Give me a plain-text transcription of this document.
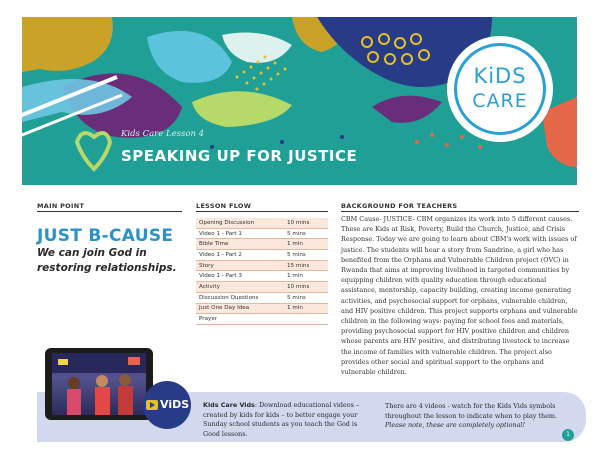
Kids Care Lesson 4
SPEAKING UP FOR JUSTICE
KiDS
CARE
MAIN POINT
JUST B-CAUSE
We can join God in restoring relationships.
LESSON FLOW
Opening Discussion	10 mins
Video 1 - Part 1	5 mins
Bible Time	1 min
Video 1 - Part 2	5 mins
Story	15 mins
Video 1 - Part 3	1 min
Activity	10 mins
Discussion Questions	5 mins
Just One Day Idea	1 min
Prayer	
BACKGROUND FOR TEACHERS
CBM Cause- JUSTICE- CBM organizes its work into 5 different causes. These are Kids at Risk, Poverty, Build the Church, Justice, and Crisis Response. Today we are going to learn about CBM's work with issues of justice. The students will hear a story from Sandrine, a girl who has benefited from the Orphans and Vulnerable Children project (OVC) in Rwanda that aims at improving livelihood in targeted communities by equipping children with quality education through educational assistance, mentorship, capacity building, creating income generating activities, and psychosocial support for orphans, vulnerable children, and HIV positive children. This project supports orphans and vulnerable children in the following ways: paying for school fees and materials, providing psychosocial support for HIV positive children and children whose parents are HIV positive, and distributing livestock to increase the income of families with vulnerable children. The project also provides other social and spiritual support to the orphans and vulnerable children.
ViDS Kids Care Vids: Download educational videos – created by kids for kids – to better engage your Sunday school students as you teach the God is Good lessons.
There are 4 videos - watch for the Kids Vids symbols throughout the lesson to indicate when to play them.
Please note, these are completely optional!
1
